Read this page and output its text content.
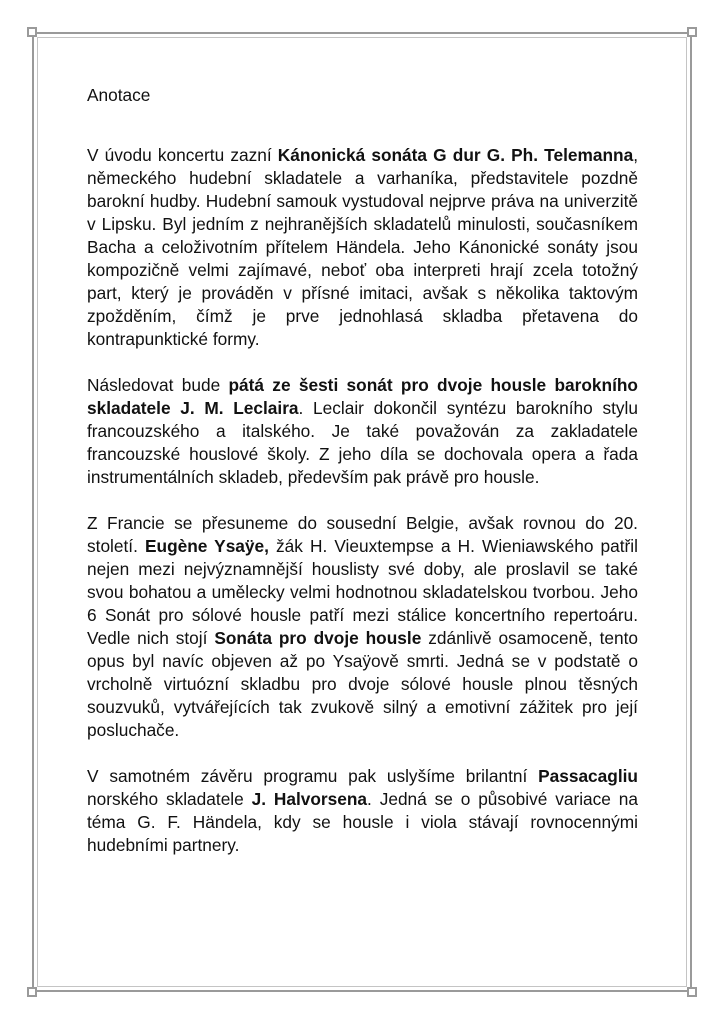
Anotace

V úvodu koncertu zazní Kánonická sonáta G dur G. Ph. Telemanna, německého hudební skladatele a varhaníka, představitele pozdně barokní hudby. Hudební samouk vystudoval nejprve práva na univerzitě v Lipsku. Byl jedním z nejhranějších skladatelů minulosti, současníkem Bacha a celoživotním přítelem Händela. Jeho Kánonické sonáty jsou kompozičně velmi zajímavé, neboť oba interpreti hrají zcela totožný part, který je prováděn v přísné imitaci, avšak s několika taktovým zpožděním, čímž je prve jednohlasá skladba přetavena do kontrapunktické formy.

Následovat bude pátá ze šesti sonát pro dvoje housle barokního skladatele J. M. Leclaira. Leclair dokončil syntézu barokního stylu francouzského a italského. Je také považován za zakladatele francouzské houslové školy. Z jeho díla se dochovala opera a řada instrumentálních skladeb, především pak právě pro housle.

Z Francie se přesuneme do sousední Belgie, avšak rovnou do 20. století. Eugène Ysaÿe, žák H. Vieuxtempse a H. Wieniawského patřil nejen mezi nejvýznamnější houslisty své doby, ale proslavil se také svou bohatou a umělecky velmi hodnotnou skladatelskou tvorbou. Jeho 6 Sonát pro sólové housle patří mezi stálice koncertního repertoáru. Vedle nich stojí Sonáta pro dvoje housle zdánlivě osamoceně, tento opus byl navíc objeven až po Ysaÿově smrti. Jedná se v podstatě o vrcholně virtuózní skladbu pro dvoje sólové housle plnou těsných souzvuků, vytvářejících tak zvukově silný a emotivní zážitek pro její posluchače.

V samotném závěru programu pak uslyšíme brilantní Passacagliu norského skladatele J. Halvorsena. Jedná se o působivé variace na téma G. F. Händela, kdy se housle i viola stávají rovnocennými hudebními partnery.
